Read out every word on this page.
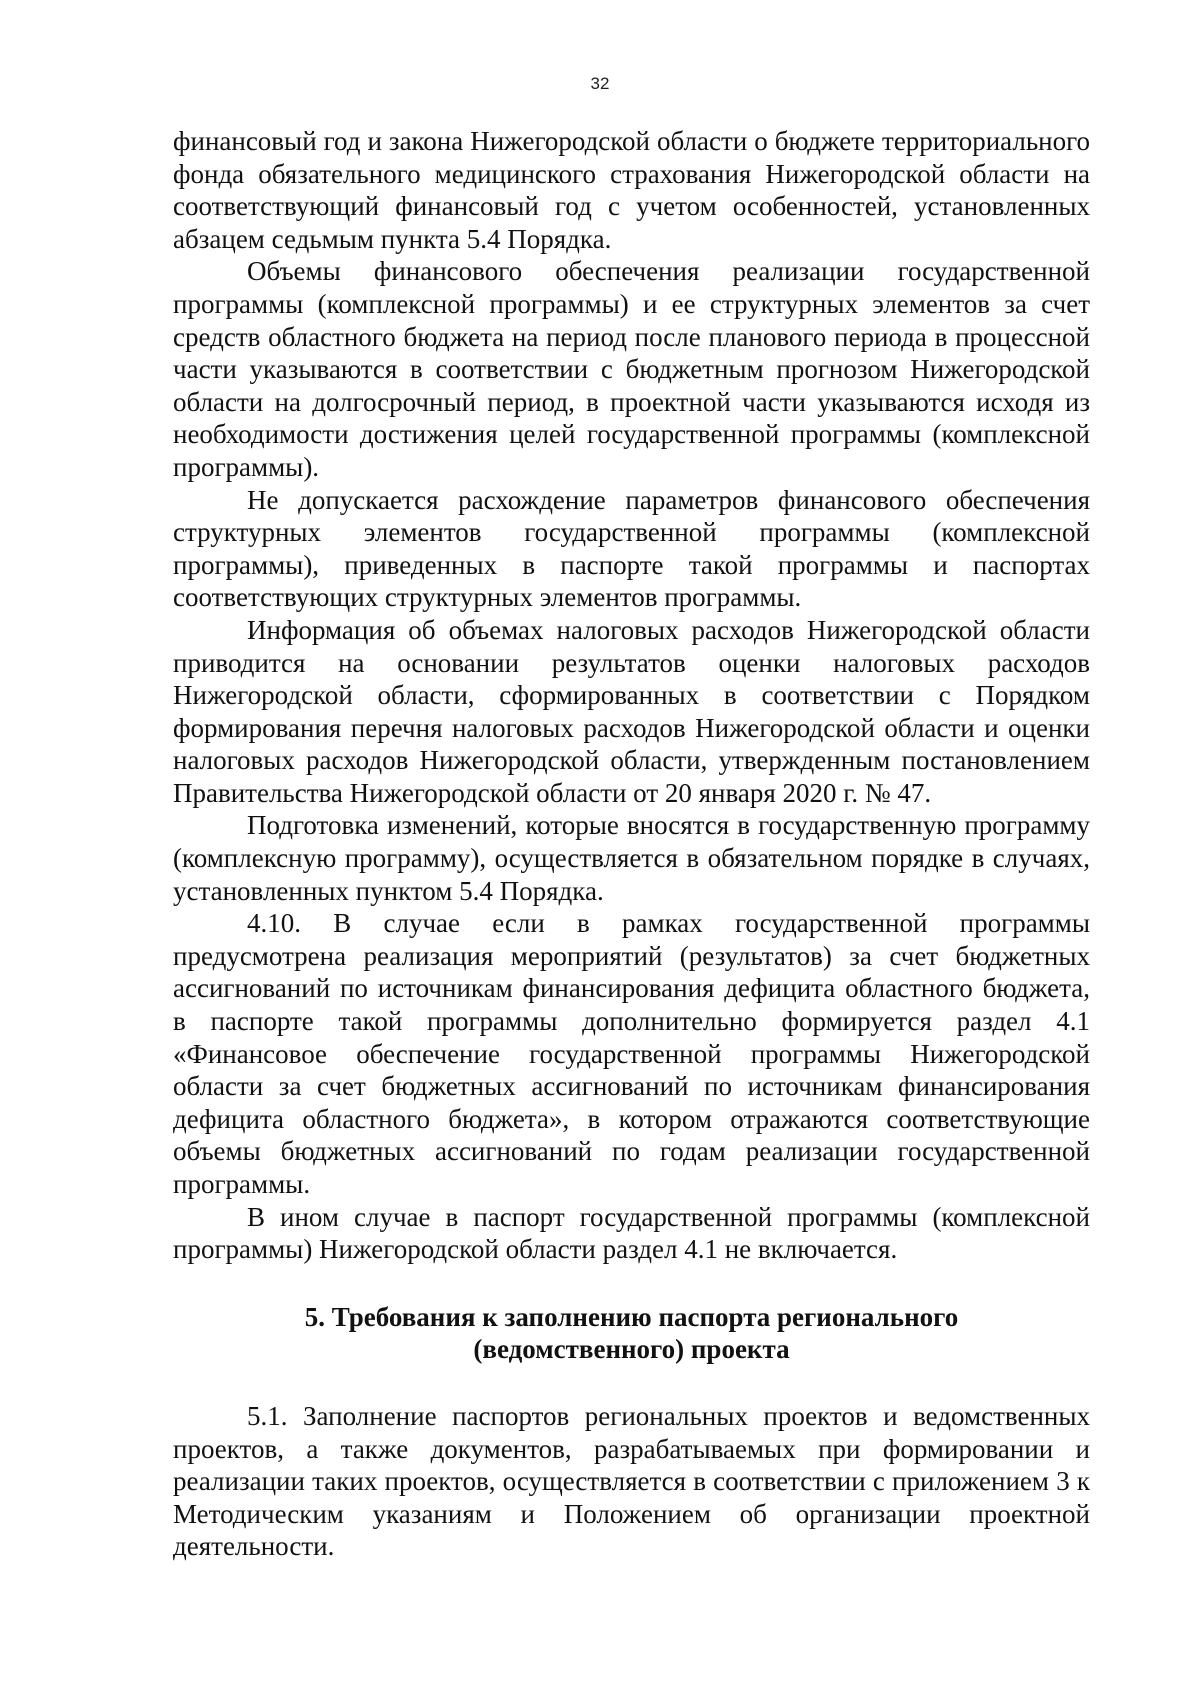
32

финансовый год и закона Нижегородской области о бюджете территориального фонда обязательного медицинского страхования Нижегородской области на соответствующий финансовый год с учетом особенностей, установленных абзацем седьмым пункта 5.4 Порядка.

Объемы финансового обеспечения реализации государственной программы (комплексной программы) и ее структурных элементов за счет средств областного бюджета на период после планового периода в процессной части указываются в соответствии с бюджетным прогнозом Нижегородской области на долгосрочный период, в проектной части указываются исходя из необходимости достижения целей государственной программы (комплексной программы).

Не допускается расхождение параметров финансового обеспечения структурных элементов государственной программы (комплексной программы), приведенных в паспорте такой программы и паспортах соответствующих структурных элементов программы.

Информация об объемах налоговых расходов Нижегородской области приводится на основании результатов оценки налоговых расходов Нижегородской области, сформированных в соответствии с Порядком формирования перечня налоговых расходов Нижегородской области и оценки налоговых расходов Нижегородской области, утвержденным постановлением Правительства Нижегородской области от 20 января 2020 г. № 47.

Подготовка изменений, которые вносятся в государственную программу (комплексную программу), осуществляется в обязательном порядке в случаях, установленных пунктом 5.4 Порядка.

4.10. В случае если в рамках государственной программы предусмотрена реализация мероприятий (результатов) за счет бюджетных ассигнований по источникам финансирования дефицита областного бюджета, в паспорте такой программы дополнительно формируется раздел 4.1 «Финансовое обеспечение государственной программы Нижегородской области за счет бюджетных ассигнований по источникам финансирования дефицита областного бюджета», в котором отражаются соответствующие объемы бюджетных ассигнований по годам реализации государственной программы.

В ином случае в паспорт государственной программы (комплексной программы) Нижегородской области раздел 4.1 не включается.

5. Требования к заполнению паспорта регионального
(ведомственного) проекта

5.1. Заполнение паспортов региональных проектов и ведомственных проектов, а также документов, разрабатываемых при формировании и реализации таких проектов, осуществляется в соответствии с приложением 3 к Методическим указаниям и Положением об организации проектной деятельности.
